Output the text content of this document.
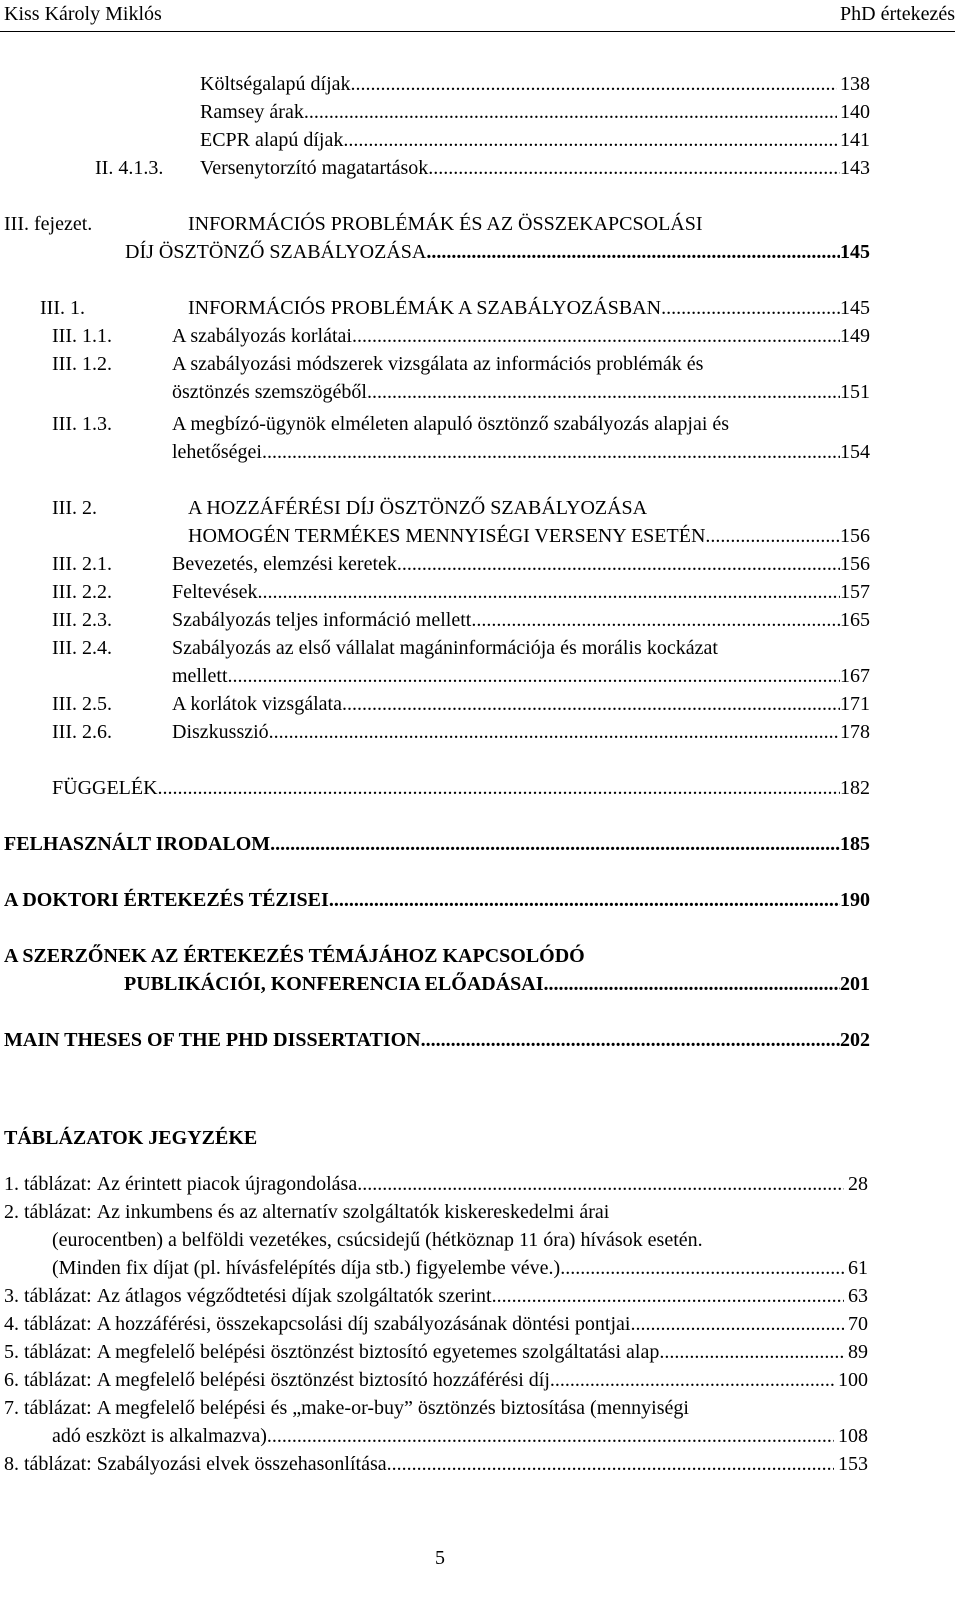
Kiss Károly Miklós	PhD értekezés
Költségalapú díjak .....	138
Ramsey árak .....	140
ECPR alapú díjak .....	141
II. 4.1.3. Versenytorzító magatartások .....	143
III. fejezet.	INFORMÁCIÓS PROBLÉMÁK ÉS AZ ÖSSZEKAPCSOLÁSI
DÍJ ÖSZTÖNZŐ SZABÁLYOZÁSA .....	145
III. 1.	INFORMÁCIÓS PROBLÉMÁK A SZABÁLYOZÁSBAN .....	145
III. 1.1.	A szabályozás korlátai .....	149
III. 1.2.	A szabályozási módszerek vizsgálata az információs problémák és
ösztönzés szemszögéből .....	151
III. 1.3.	A megbízó-ügynök elméleten alapuló ösztönző szabályozás alapjai és
lehetőségei .....	154
III. 2.	A HOZZÁFÉRÉSI DÍJ ÖSZTÖNZŐ SZABÁLYOZÁSA
HOMOGÉN TERMÉKES MENNYISÉGI VERSENY ESETÉN .....	156
III. 2.1.	Bevezetés, elemzési keretek .....	156
III. 2.2.	Feltevések .....	157
III. 2.3.	Szabályozás teljes információ mellett .....	165
III. 2.4.	Szabályozás az első vállalat magáninformációja és morális kockázat
mellett .....	167
III. 2.5.	A korlátok vizsgálata .....	171
III. 2.6.	Diszkusszió .....	178
FÜGGELÉK .....	182
FELHASZNÁLT IRODALOM .....	185
A DOKTORI ÉRTEKEZÉS TÉZISEI .....	190
A SZERZŐNEK AZ ÉRTEKEZÉS TÉMÁJÁHOZ KAPCSOLÓDÓ
PUBLIKÁCIÓI, KONFERENCIA ELŐADÁSAI .....	201
MAIN THESES OF THE PHD DISSERTATION .....	202
TÁBLÁZATOK JEGYZÉKE
1. táblázat: Az érintett piacok újragondolása .....	28
2. táblázat: Az inkumbens és az alternatív szolgáltatók kiskereskedelmi árai
(eurocentben) a belföldi vezetékes, csúcsidejű (hétköznap 11 óra) hívások esetén.
(Minden fix díjat (pl. hívásfelépítés díja stb.) figyelembe véve.) .....	61
3. táblázat: Az átlagos végződtetési díjak szolgáltatók szerint .....	63
4. táblázat: A hozzáférési, összekapcsolási díj szabályozásának döntési pontjai .....	70
5. táblázat: A megfelelő belépési ösztönzést biztosító egyetemes szolgáltatási alap .....	89
6. táblázat: A megfelelő belépési ösztönzést biztosító hozzáférési díj .....	100
7. táblázat: A megfelelő belépési és „make-or-buy” ösztönzés biztosítása (mennyiségi
adó eszközt is alkalmazva) .....	108
8. táblázat: Szabályozási elvek összehasonlítása .....	153
5
